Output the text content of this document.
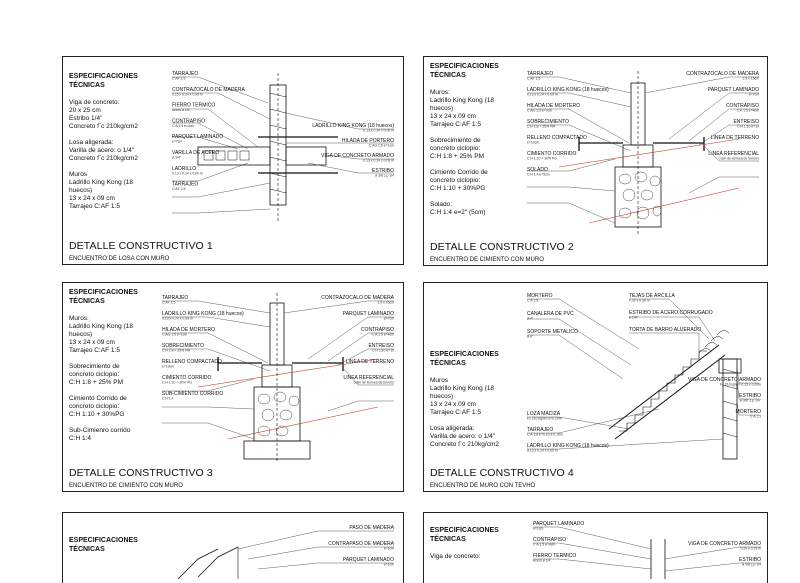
ESPECIFICACIONES
TÉCNICAS
Viga de concreto:
20 x 25 cm
Estribo 1/4"
Concreto f´c 210kg/cm2
Losa aligerada:
Varilla de acero: o 1/4"
Concreto f´c 210kg/cm2
Muros
Ladrillo King Kong (18
huecos)
13 x 24 x 09 cm
Tarrajeo C:AF 1:5
TARRAJEO
C:AF 1:5
CONTRAZOCALO DE MADERA
0.15 x 0.24 x 0.09 m
FIERRO TERMICO
Acero ø 1/4
CONTRAPISO
C:A 1:5 e=4cm
PARQUET LAMINADO
e=7cm
VARILLA DE ACERO
ø 3/4"
LADRILLO
0.13 x 0.24 x 0.09 m
TARRAJEO
C:AF 1:5
LADRILLO KING KONG (18 huecos)
0.13 x 0.24 x 0.09 m
HILADA DE PORTERO
C:AG 1:5 e=1cm
VIGA DE CONCRETO ARMADO
0.13 x 0.24 x 0.09 m
ESTRIBO
ø 3/8 c.p 1/4
DETALLE CONSTRUCTIVO 1
ENCUENTRO DE LOSA CON MURO
ESPECIFICACIONES
TÉCNICAS
Muros:
Ladrillo King Kong (18
huecos)
13 x 24 x 09 cm
Tarrajeo C:AF 1:5
Sobrecimiento de
concreto ciclopio:
C:H 1:8 + 25% PM
Cimiento Corrido de
concreto ciclopio:
C:H 1:10 + 30%PG
Solado:
C:H 1:4 e=2" (5cm)
TARRAJEO
C:AF 1:5
LADRILLO KING KONG (18 huecos)
0.13 x 0.24 x 0.09 m
HILADA DE MORTERO
C:AG 1:5 e=1cm
SOBRECIMIENTO
C:H 1:8 + 25% PM
RELLENO COMPACTADO
e=10cm
CIMIENTO CORRIDO
C:H 1:10 + 30% PG
SOLADO
C:H 1:4 e=5cm
CONTRAZOCALO DE MADERA
1.5 x 15cm
PARQUET LAMINADO
e=7cm
CONTRAPISO
C:A 1:5 e=4cm
ENTREISO
C:H 1:10 e=10
LINEA DE TERRENO
LINEA REFERENCIAL
0.8m de la linea de terreno
DETALLE CONSTRUCTIVO 2
ENCUENTRO DE CIMIENTO CON MURO
ESPECIFICACIONES
TÉCNICAS
Muros:
Ladrillo King Kong (18
huecos)
13 x 24 x 09 cm
Tarrajeo C:AF 1:5
Sobrecimiento de
concreto ciclopio:
C:H 1:8 + 25% PM
Cimiento Corrido de
concreto ciclopio:
C:H 1:10 + 30%PG
Sub-Cimienro corrido
C:H 1:4
TARRAJEO
C:AF 1:5
LADRILLO KING KONG (18 huecos)
0.13 x 0.24 x 0.09 m
HILADA DE MORTERO
C:AG 1:5 e=1cm
SOBRECIMIENTO
C:H 1:8 + 25% PM
RELLENO COMPACTADO
e=10cm
CIMIENTO CORRIDO
C:H 1:10 + 30% PG
SUB-CIMIENTO CORRIDO
C:H 1:4
CONTRAZOCALO DE MADERA
1.5 x 15cm
PARQUET LAMINADO
e=7cm
CONTRAPISO
C:A 1:5 e=4cm
ENTREISO
C:H 1:10 e=10
LINEA DE TERRENO
LINEA REFERENCIAL
0.8m de la linea de terreno
DETALLE CONSTRUCTIVO 3
ENCUENTRO DE CIMIENTO CON MURO
ESPECIFICACIONES
TÉCNICAS
Muros
Ladrillo King Kong (18
huecos)
13 x 24 x 09 cm
Tarrajeo C:AF 1:5
Losa aligerada:
Varilla de acero: o 1/4"
Concreto f´c 210kg/cm2
MORTERO
C:A 1:5
CANALERA DE PVC
ø 4"
SOPORTE METALICO
ø 4"
LOZA MACIZA
Fc 210 kg/cm e=0.20m
TARRAJEO
C:A 1:8 e=0.10 a 0.15m
LADRILLO KING KONG (18 huecos)
0.13 x 0.24 x 0.09 m
TEJAS DE ARCILLA
0.32 x 0.30 m
ESTRIBO DE ACERO CORRUGADO
ø 1/4"
TORTA DE BARRO ALUERADO
VIGA DE CONCRETO ARMADO
Fc 210 kg/cm 0.25 x 0.20m
ESTRIBO
ø 3/8" c.p 1/4"
MORTERO
C:A 1:5
DETALLE CONSTRUCTIVO 4
ENCUENTRO DE MURO CON TEVHO
ESPECIFICACIONES
TÉCNICAS
PASO DE MADERA
CONTRAPASO DE MADERA
e=1cm
PARQUET LAMINADO
e=1cm
ESPECIFICACIONES
TÉCNICAS
Viga de concreto:
PARQUET LAMINADO
e=1cm
CONTRAPISO
C:A 1:5 e=4cm
FIERRO TERMICO
Acero ø 1/4
VIGA DE CONCRETO ARMADO
0.20 x 0.25 m
ESTRIBO
ø 3/8 c.p 1/4
